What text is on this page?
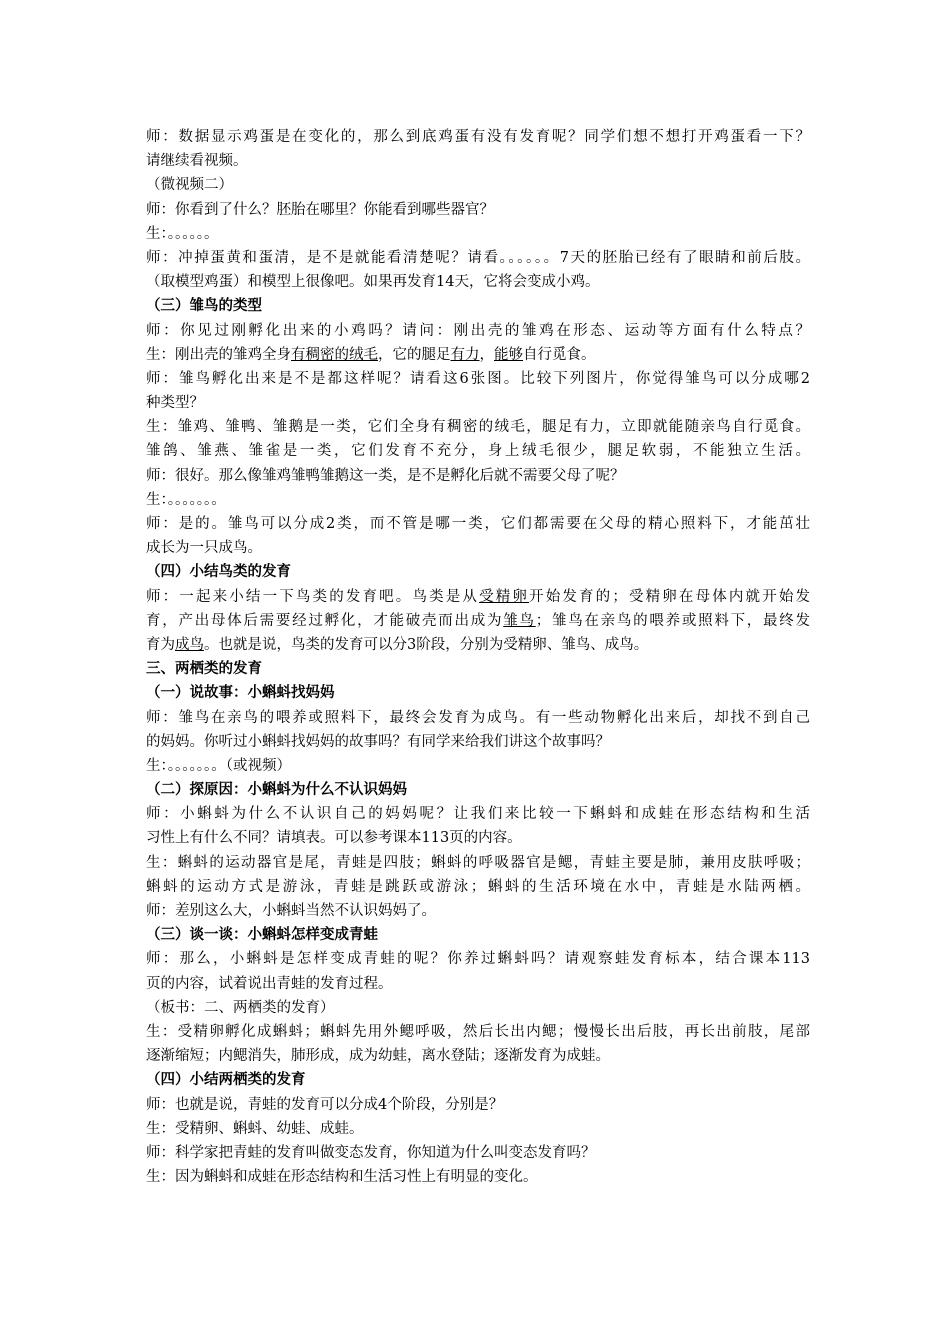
师：数据显示鸡蛋是在变化的，那么到底鸡蛋有没有发育呢？同学们想不想打开鸡蛋看一下？
请继续看视频。
（微视频二）
师：你看到了什么？胚胎在哪里？你能看到哪些器官？
生：。。。。。。
师：冲掉蛋黄和蛋清，是不是就能看清楚呢？请看。。。。。。7天的胚胎已经有了眼睛和前后肢。
（取模型鸡蛋）和模型上很像吧。如果再发育14天，它将会变成小鸡。
（三）雏鸟的类型
师：你见过刚孵化出来的小鸡吗？请问：刚出壳的雏鸡在形态、运动等方面有什么特点？
生：刚出壳的雏鸡全身有稠密的绒毛，它的腿足有力，能够自行觅食。
师：雏鸟孵化出来是不是都这样呢？请看这6张图。比较下列图片，你觉得雏鸟可以分成哪2
种类型？
生：雏鸡、雏鸭、雏鹅是一类，它们全身有稠密的绒毛，腿足有力，立即就能随亲鸟自行觅食。
雏鸽、雏燕、雏雀是一类，它们发育不充分，身上绒毛很少，腿足软弱，不能独立生活。
师：很好。那么像雏鸡雏鸭雏鹅这一类，是不是孵化后就不需要父母了呢？
生：。。。。。。。
师：是的。雏鸟可以分成2类，而不管是哪一类，它们都需要在父母的精心照料下，才能茁壮
成长为一只成鸟。
（四）小结鸟类的发育
师：一起来小结一下鸟类的发育吧。鸟类是从受精卵开始发育的；受精卵在母体内就开始发
育，产出母体后需要经过孵化，才能破壳而出成为雏鸟；雏鸟在亲鸟的喂养或照料下，最终发
育为成鸟。也就是说，鸟类的发育可以分3阶段，分别为受精卵、雏鸟、成鸟。
三、两栖类的发育
（一）说故事：小蝌蚪找妈妈
师：雏鸟在亲鸟的喂养或照料下，最终会发育为成鸟。有一些动物孵化出来后，却找不到自己
的妈妈。你听过小蝌蚪找妈妈的故事吗？有同学来给我们讲这个故事吗？
生：。。。。。。。（或视频）
（二）探原因：小蝌蚪为什么不认识妈妈
师：小蝌蚪为什么不认识自己的妈妈呢？让我们来比较一下蝌蚪和成蛙在形态结构和生活
习性上有什么不同？请填表。可以参考课本113页的内容。
生：蝌蚪的运动器官是尾，青蛙是四肢；蝌蚪的呼吸器官是鳃，青蛙主要是肺，兼用皮肤呼吸；
蝌蚪的运动方式是游泳，青蛙是跳跃或游泳；蝌蚪的生活环境在水中，青蛙是水陆两栖。
师：差别这么大，小蝌蚪当然不认识妈妈了。
（三）谈一谈：小蝌蚪怎样变成青蛙
师：那么，小蝌蚪是怎样变成青蛙的呢？你养过蝌蚪吗？请观察蛙发育标本，结合课本113
页的内容，试着说出青蛙的发育过程。
（板书：二、两栖类的发育）
生：受精卵孵化成蝌蚪；蝌蚪先用外鳃呼吸，然后长出内鳃；慢慢长出后肢，再长出前肢，尾部
逐渐缩短；内鳃消失，肺形成，成为幼蛙，离水登陆；逐渐发育为成蛙。
（四）小结两栖类的发育
师：也就是说，青蛙的发育可以分成4个阶段，分别是？
生：受精卵、蝌蚪、幼蛙、成蛙。
师：科学家把青蛙的发育叫做变态发育，你知道为什么叫变态发育吗？
生：因为蝌蚪和成蛙在形态结构和生活习性上有明显的变化。
